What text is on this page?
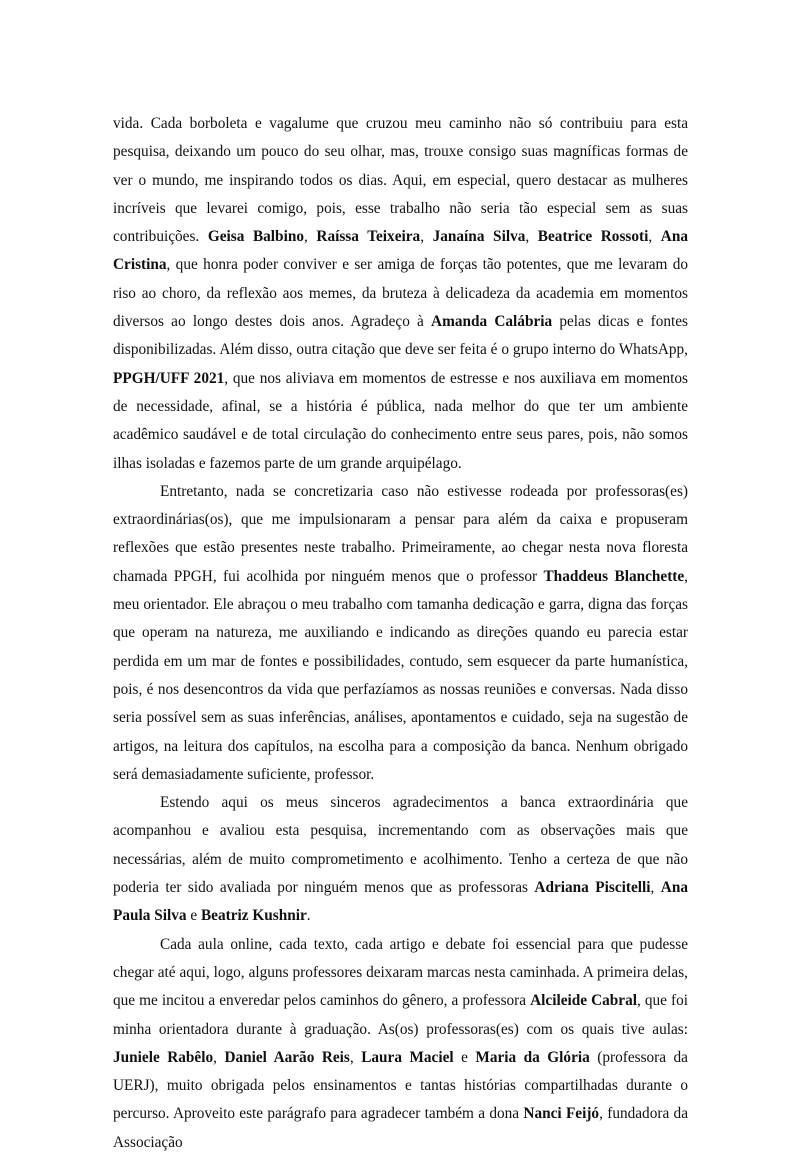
vida. Cada borboleta e vagalume que cruzou meu caminho não só contribuiu para esta pesquisa, deixando um pouco do seu olhar, mas, trouxe consigo suas magníficas formas de ver o mundo, me inspirando todos os dias. Aqui, em especial, quero destacar as mulheres incríveis que levarei comigo, pois, esse trabalho não seria tão especial sem as suas contribuições. Geisa Balbino, Raíssa Teixeira, Janaína Silva, Beatrice Rossoti, Ana Cristina, que honra poder conviver e ser amiga de forças tão potentes, que me levaram do riso ao choro, da reflexão aos memes, da bruteza à delicadeza da academia em momentos diversos ao longo destes dois anos. Agradeço à Amanda Calábria pelas dicas e fontes disponibilizadas. Além disso, outra citação que deve ser feita é o grupo interno do WhatsApp, PPGH/UFF 2021, que nos aliviava em momentos de estresse e nos auxiliava em momentos de necessidade, afinal, se a história é pública, nada melhor do que ter um ambiente acadêmico saudável e de total circulação do conhecimento entre seus pares, pois, não somos ilhas isoladas e fazemos parte de um grande arquipélago.

Entretanto, nada se concretizaria caso não estivesse rodeada por professoras(es) extraordinárias(os), que me impulsionaram a pensar para além da caixa e propuseram reflexões que estão presentes neste trabalho. Primeiramente, ao chegar nesta nova floresta chamada PPGH, fui acolhida por ninguém menos que o professor Thaddeus Blanchette, meu orientador. Ele abraçou o meu trabalho com tamanha dedicação e garra, digna das forças que operam na natureza, me auxiliando e indicando as direções quando eu parecia estar perdida em um mar de fontes e possibilidades, contudo, sem esquecer da parte humanística, pois, é nos desencontros da vida que perfazíamos as nossas reuniões e conversas. Nada disso seria possível sem as suas inferências, análises, apontamentos e cuidado, seja na sugestão de artigos, na leitura dos capítulos, na escolha para a composição da banca. Nenhum obrigado será demasiadamente suficiente, professor.

Estendo aqui os meus sinceros agradecimentos a banca extraordinária que acompanhou e avaliou esta pesquisa, incrementando com as observações mais que necessárias, além de muito comprometimento e acolhimento. Tenho a certeza de que não poderia ter sido avaliada por ninguém menos que as professoras Adriana Piscitelli, Ana Paula Silva e Beatriz Kushnir.

Cada aula online, cada texto, cada artigo e debate foi essencial para que pudesse chegar até aqui, logo, alguns professores deixaram marcas nesta caminhada. A primeira delas, que me incitou a enveredar pelos caminhos do gênero, a professora Alcileide Cabral, que foi minha orientadora durante à graduação. As(os) professoras(es) com os quais tive aulas: Juniele Rabêlo, Daniel Aarão Reis, Laura Maciel e Maria da Glória (professora da UERJ), muito obrigada pelos ensinamentos e tantas histórias compartilhadas durante o percurso. Aproveito este parágrafo para agradecer também a dona Nanci Feijó, fundadora da Associação
